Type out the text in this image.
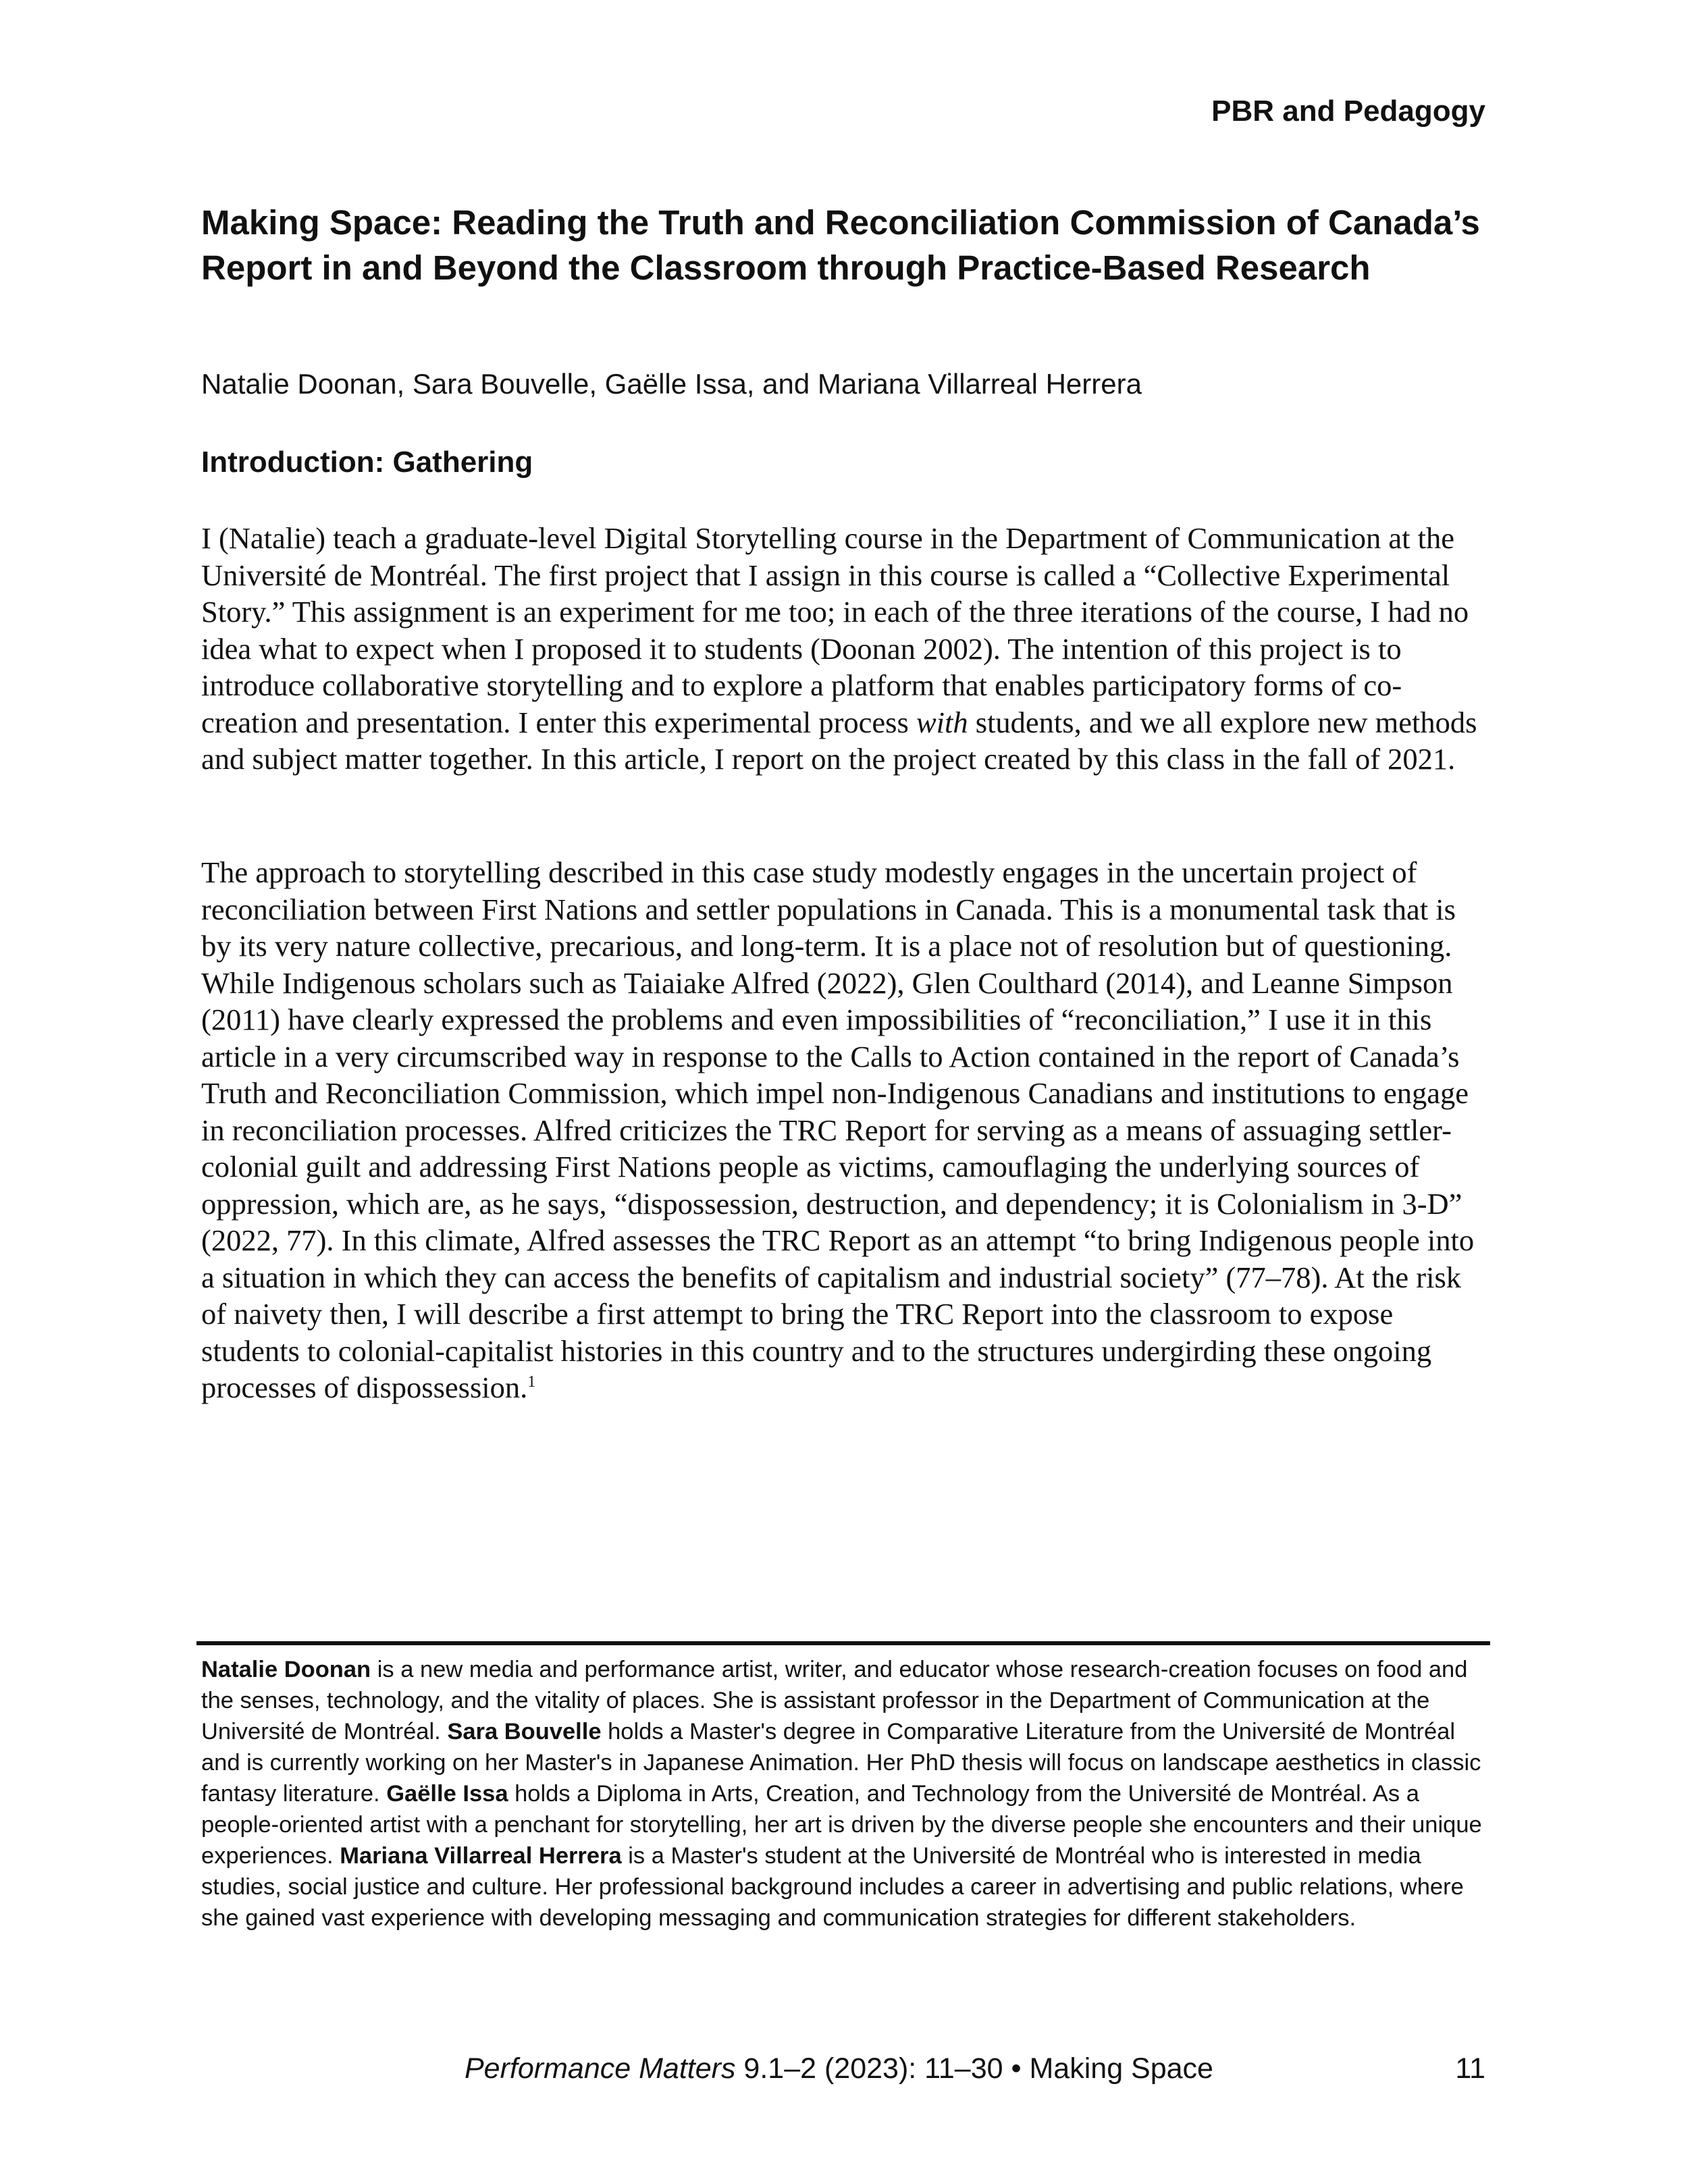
PBR and Pedagogy

Making Space: Reading the Truth and Reconciliation Commission of Canada’s Report in and Beyond the Classroom through Practice-Based Research

Natalie Doonan, Sara Bouvelle, Gaëlle Issa, and Mariana Villarreal Herrera

Introduction: Gathering

I (Natalie) teach a graduate-level Digital Storytelling course in the Department of Communication at the Université de Montréal. The first project that I assign in this course is called a “Collective Experimental Story.” This assignment is an experiment for me too; in each of the three iterations of the course, I had no idea what to expect when I proposed it to students (Doonan 2002). The intention of this project is to introduce collaborative storytelling and to explore a platform that enables participatory forms of co-creation and presentation. I enter this experimental process with students, and we all explore new methods and subject matter together. In this article, I report on the project created by this class in the fall of 2021.

The approach to storytelling described in this case study modestly engages in the uncertain project of reconciliation between First Nations and settler populations in Canada. This is a monumental task that is by its very nature collective, precarious, and long-term. It is a place not of resolution but of questioning. While Indigenous scholars such as Taiaiake Alfred (2022), Glen Coulthard (2014), and Leanne Simpson (2011) have clearly expressed the problems and even impossibilities of “reconciliation,” I use it in this article in a very circumscribed way in response to the Calls to Action contained in the report of Canada’s Truth and Reconciliation Commission, which impel non-Indigenous Canadians and institutions to engage in reconciliation processes. Alfred criticizes the TRC Report for serving as a means of assuaging settler-colonial guilt and addressing First Nations people as victims, camouflaging the underlying sources of oppression, which are, as he says, “dispossession, destruction, and dependency; it is Colonialism in 3-D” (2022, 77). In this climate, Alfred assesses the TRC Report as an attempt “to bring Indigenous people into a situation in which they can access the benefits of capitalism and industrial society” (77–78). At the risk of naivety then, I will describe a first attempt to bring the TRC Report into the classroom to expose students to colonial-capitalist histories in this country and to the structures undergirding these ongoing processes of dispossession.$^1$

Natalie Doonan is a new media and performance artist, writer, and educator whose research-creation focuses on food and the senses, technology, and the vitality of places. She is assistant professor in the Department of Communication at the Université de Montréal. Sara Bouvelle holds a Master's degree in Comparative Literature from the Université de Montréal and is currently working on her Master's in Japanese Animation. Her PhD thesis will focus on landscape aesthetics in classic fantasy literature. Gaëlle Issa holds a Diploma in Arts, Creation, and Technology from the Université de Montréal. As a people-oriented artist with a penchant for storytelling, her art is driven by the diverse people she encounters and their unique experiences. Mariana Villarreal Herrera is a Master's student at the Université de Montréal who is interested in media studies, social justice and culture. Her professional background includes a career in advertising and public relations, where she gained vast experience with developing messaging and communication strategies for different stakeholders.

Performance Matters 9.1–2 (2023): 11–30 • Making Space	11
